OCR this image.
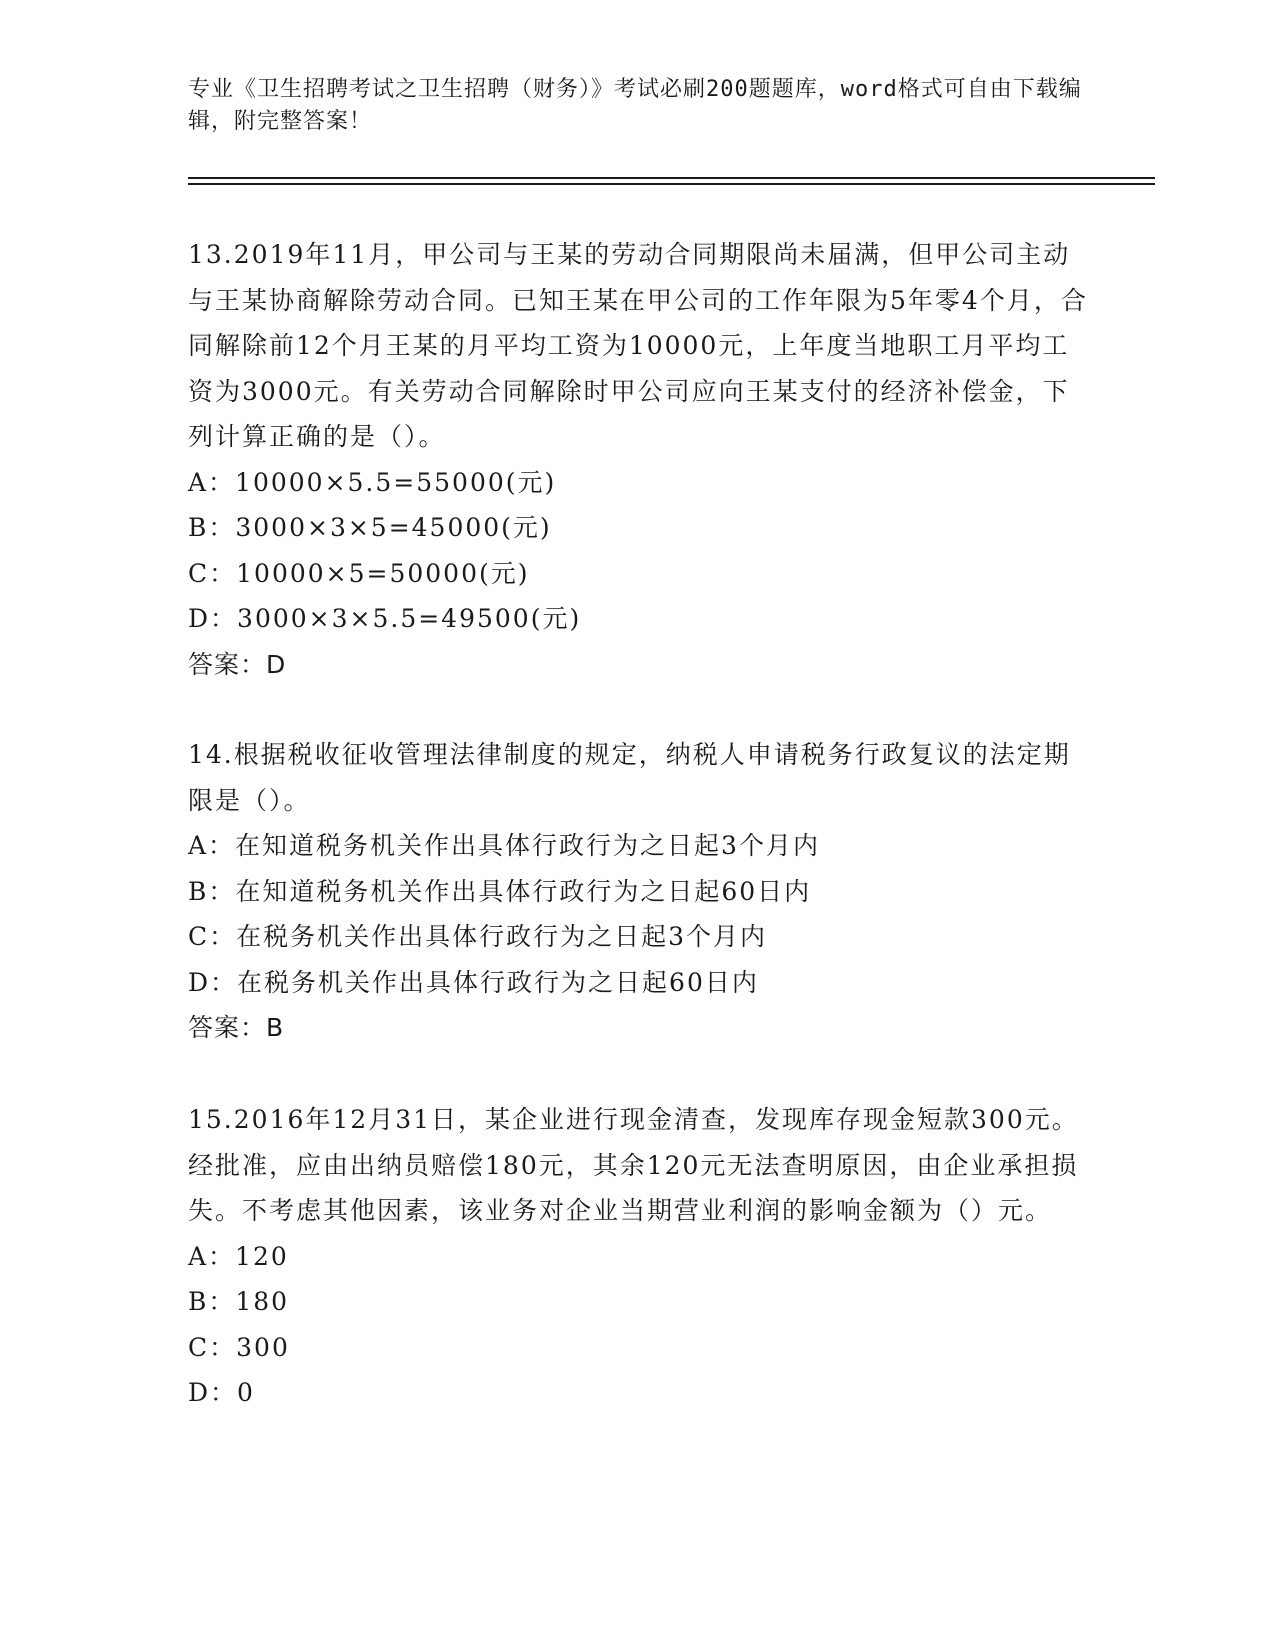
专业《卫生招聘考试之卫生招聘（财务）》考试必刷200题题库，word格式可自由下载编辑，附完整答案！

13.2019年11月，甲公司与王某的劳动合同期限尚未届满，但甲公司主动与王某协商解除劳动合同。已知王某在甲公司的工作年限为5年零4个月，合同解除前12个月王某的月平均工资为10000元，上年度当地职工月平均工资为3000元。有关劳动合同解除时甲公司应向王某支付的经济补偿金，下列计算正确的是（）。

A：10000×5.5=55000(元)

B：3000×3×5=45000(元)

C：10000×5=50000(元)

D：3000×3×5.5=49500(元)

答案：D

14.根据税收征收管理法律制度的规定，纳税人申请税务行政复议的法定期限是（）。

A：在知道税务机关作出具体行政行为之日起3个月内

B：在知道税务机关作出具体行政行为之日起60日内

C：在税务机关作出具体行政行为之日起3个月内

D：在税务机关作出具体行政行为之日起60日内

答案：B

15.2016年12月31日，某企业进行现金清查，发现库存现金短款300元。经批准，应由出纳员赔偿180元，其余120元无法查明原因，由企业承担损失。不考虑其他因素，该业务对企业当期营业利润的影响金额为（）元。

A：120

B：180

C：300

D：0
